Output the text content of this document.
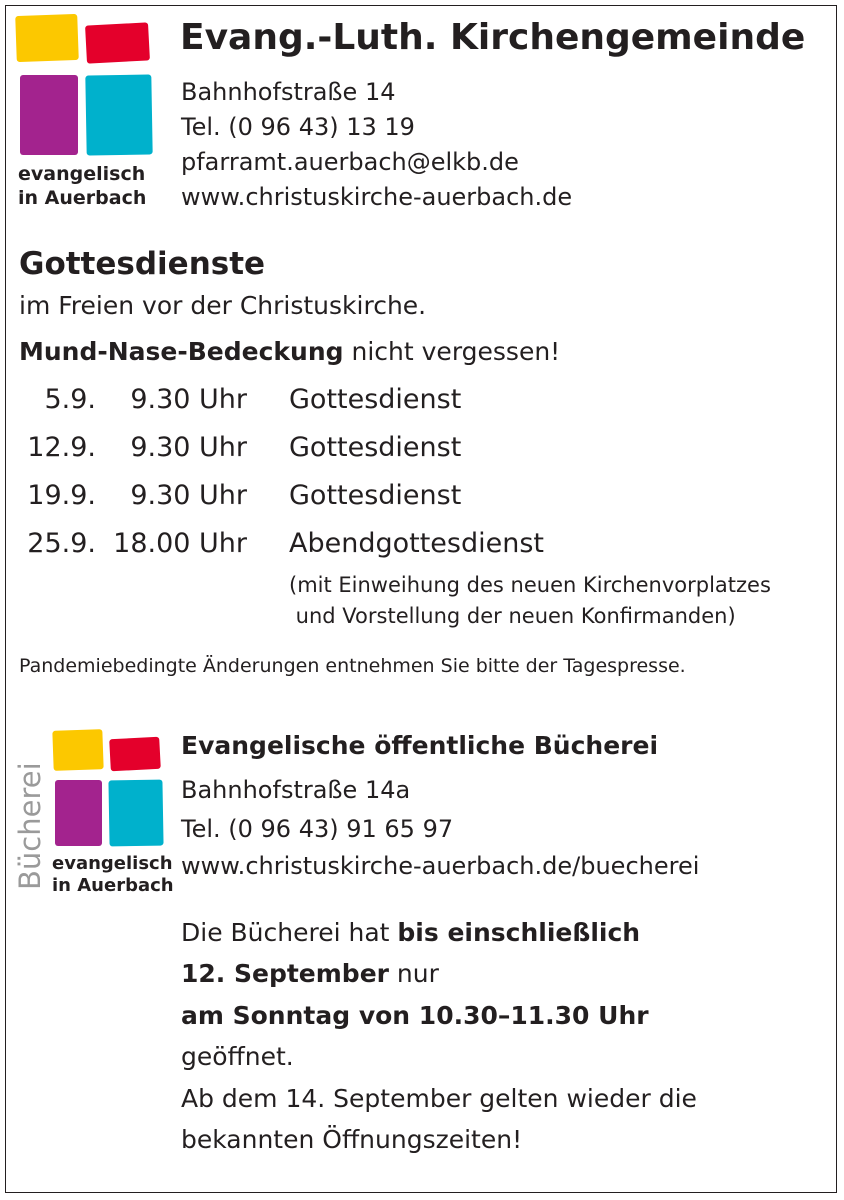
evangelisch
in Auerbach
Evang.-Luth. Kirchengemeinde
Bahnhofstraße 14
Tel. (0 96 43) 13 19
pfarramt.auerbach@elkb.de
www.christuskirche-auerbach.de
Gottesdienste
im Freien vor der Christuskirche.
Mund-Nase-Bedeckung nicht vergessen!
5.9. 9.30 Uhr Gottesdienst
12.9. 9.30 Uhr Gottesdienst
19.9. 9.30 Uhr Gottesdienst
25.9. 18.00 Uhr Abendgottesdienst
(mit Einweihung des neuen Kirchenvorplatzes
und Vorstellung der neuen Konfirmanden)
Pandemiebedingte Änderungen entnehmen Sie bitte der Tagespresse.
Bücherei evangelisch
in Auerbach
Evangelische öffentliche Bücherei
Bahnhofstraße 14a
Tel. (0 96 43) 91 65 97
www.christuskirche-auerbach.de/buecherei
Die Bücherei hat bis einschließlich
12. September nur
am Sonntag von 10.30–11.30 Uhr
geöffnet.
Ab dem 14. September gelten wieder die
bekannten Öffnungszeiten!
